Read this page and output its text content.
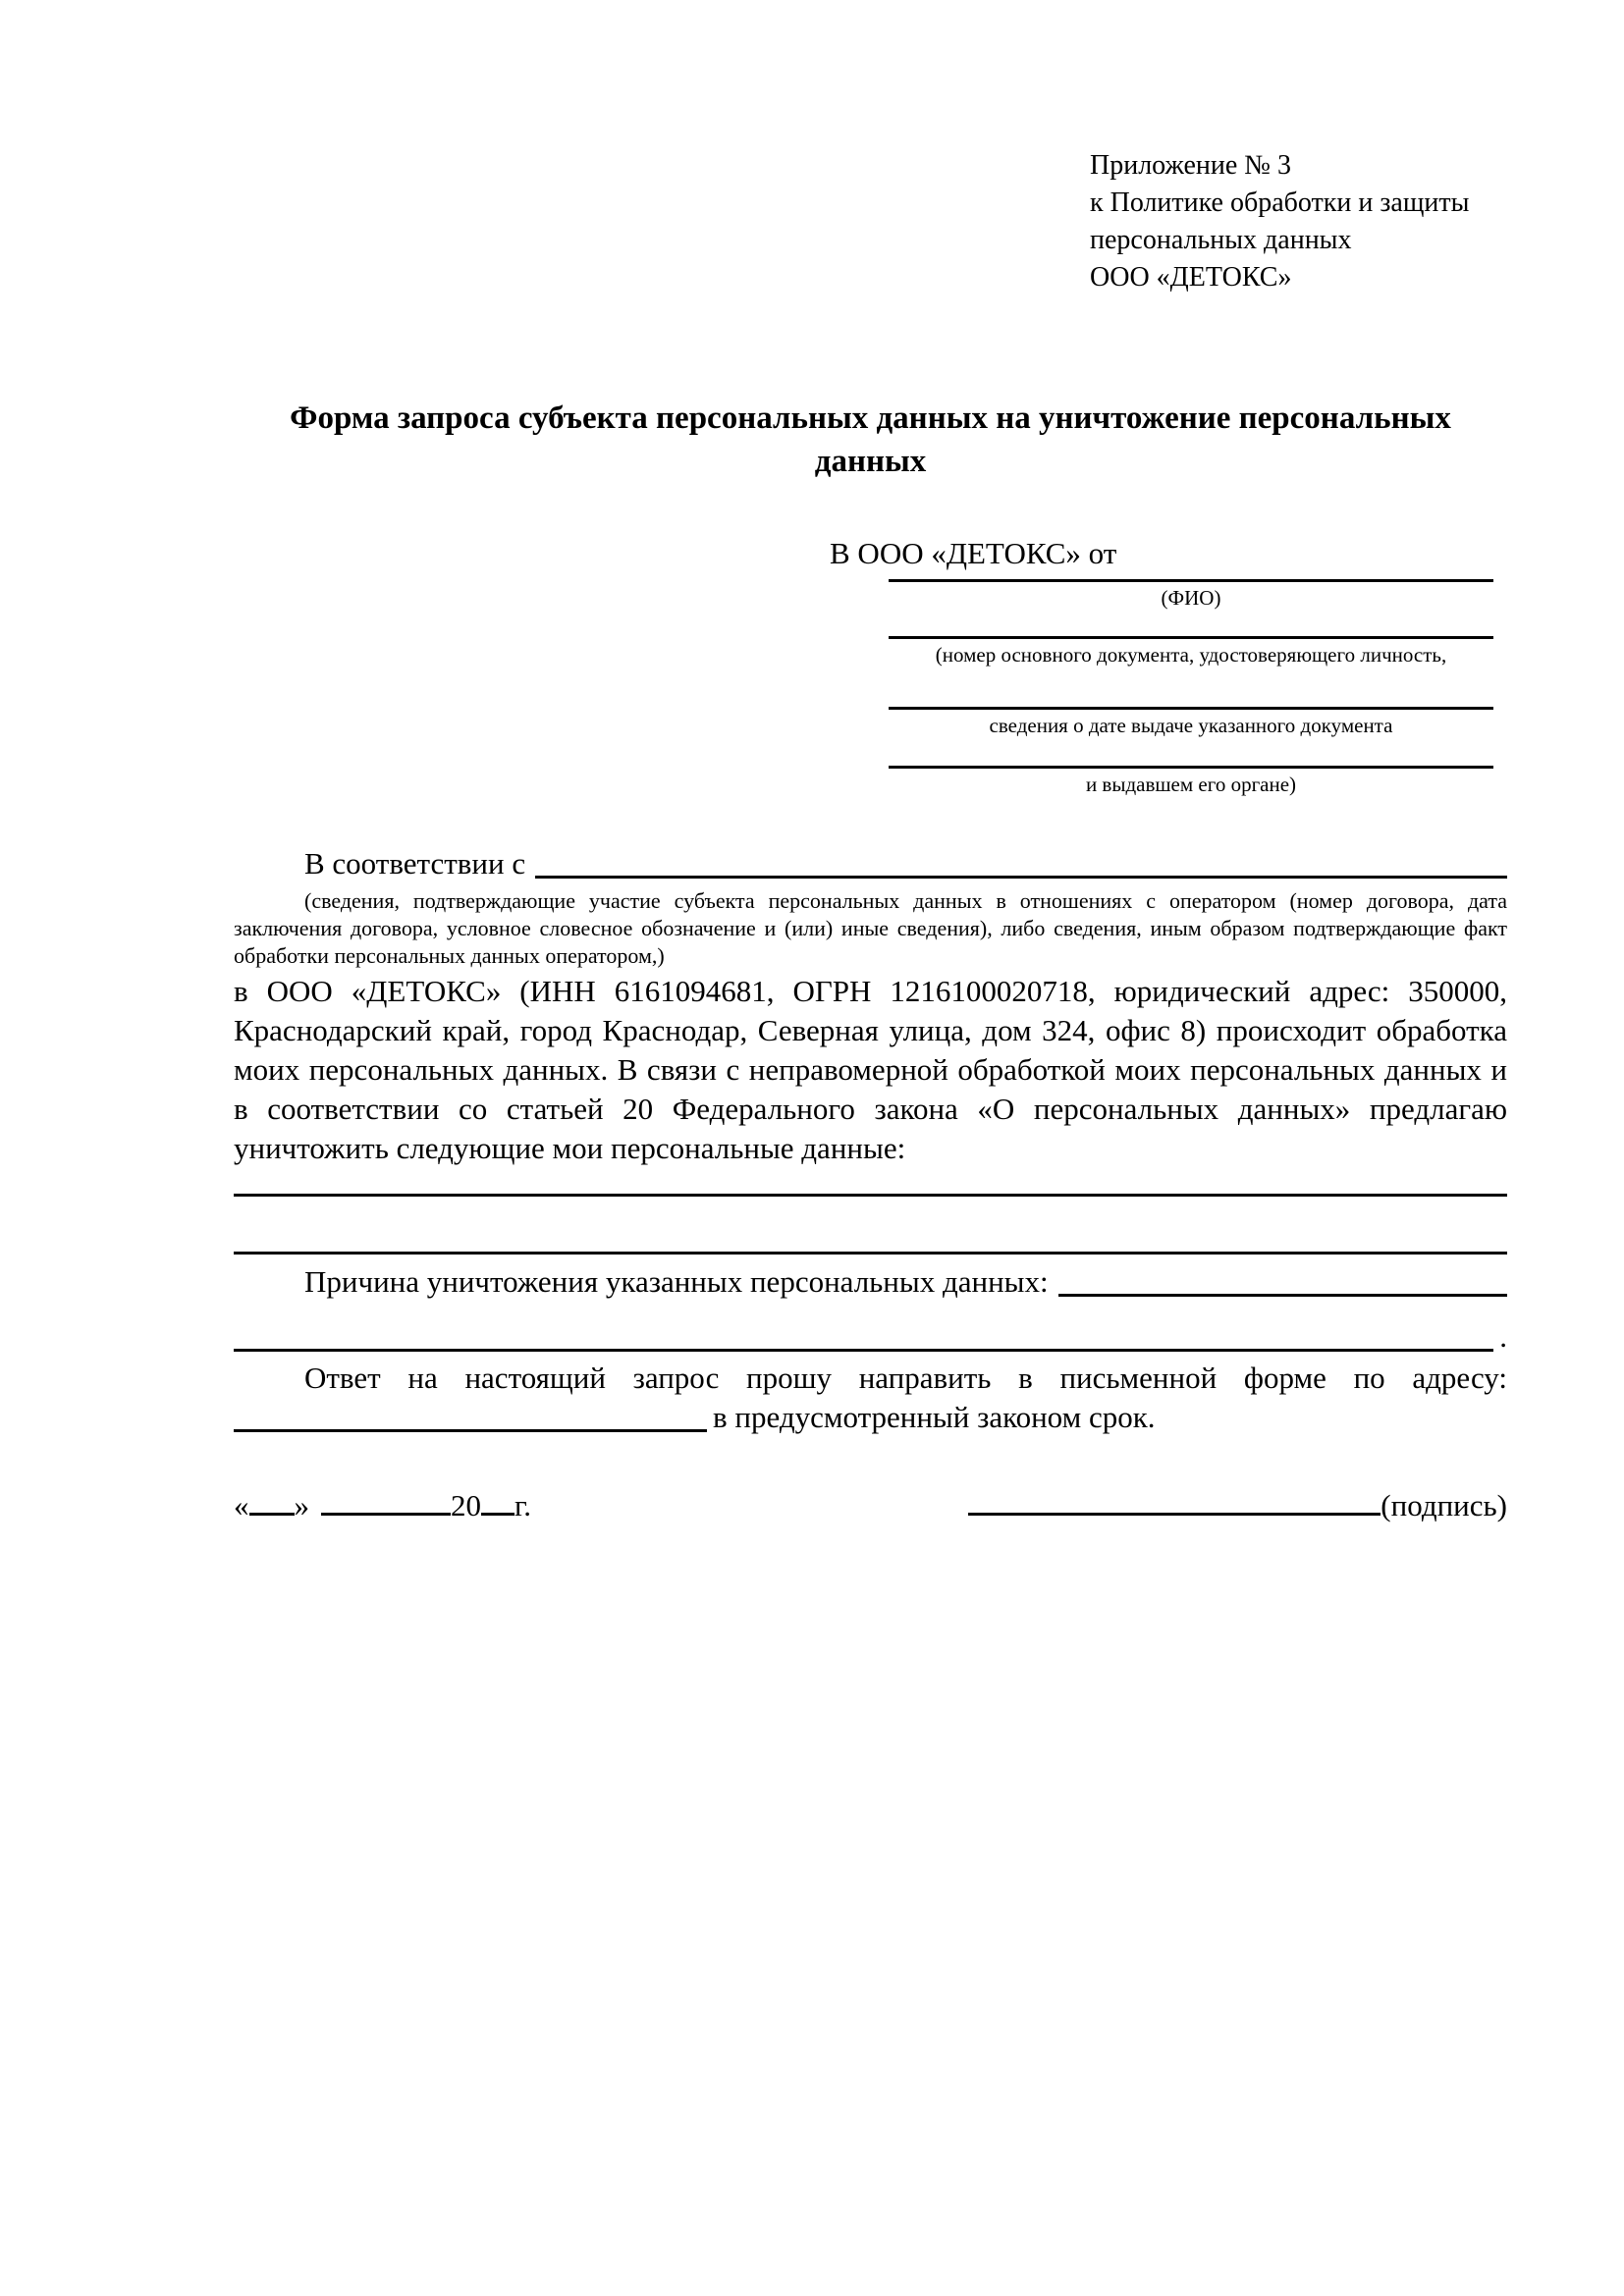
Приложение № 3
к Политике обработки и защиты
персональных данных
ООО «ДЕТОКС»
Форма запроса субъекта персональных данных на уничтожение персональных данных
В ООО «ДЕТОКС» от
(ФИО)
(номер основного документа, удостоверяющего личность,
сведения о дате выдаче указанного документа
и выдавшем его органе)
В соответствии с

(сведения, подтверждающие участие субъекта персональных данных в отношениях с оператором (номер договора, дата заключения договора, условное словесное обозначение и (или) иные сведения), либо сведения, иным образом подтверждающие факт обработки персональных данных оператором,)

в ООО «ДЕТОКС» (ИНН 6161094681, ОГРН 1216100020718, юридический адрес: 350000, Краснодарский край, город Краснодар, Северная улица, дом 324, офис 8) происходит обработка моих персональных данных. В связи с неправомерной обработкой моих персональных данных и в соответствии со статьей 20 Федерального закона «О персональных данных» предлагаю уничтожить следующие мои персональные данные:

Причина уничтожения указанных персональных данных:
.

Ответ на настоящий запрос прошу направить в письменной форме по адресу:

в предусмотренный законом срок.
« »	20 г.	(подпись)
